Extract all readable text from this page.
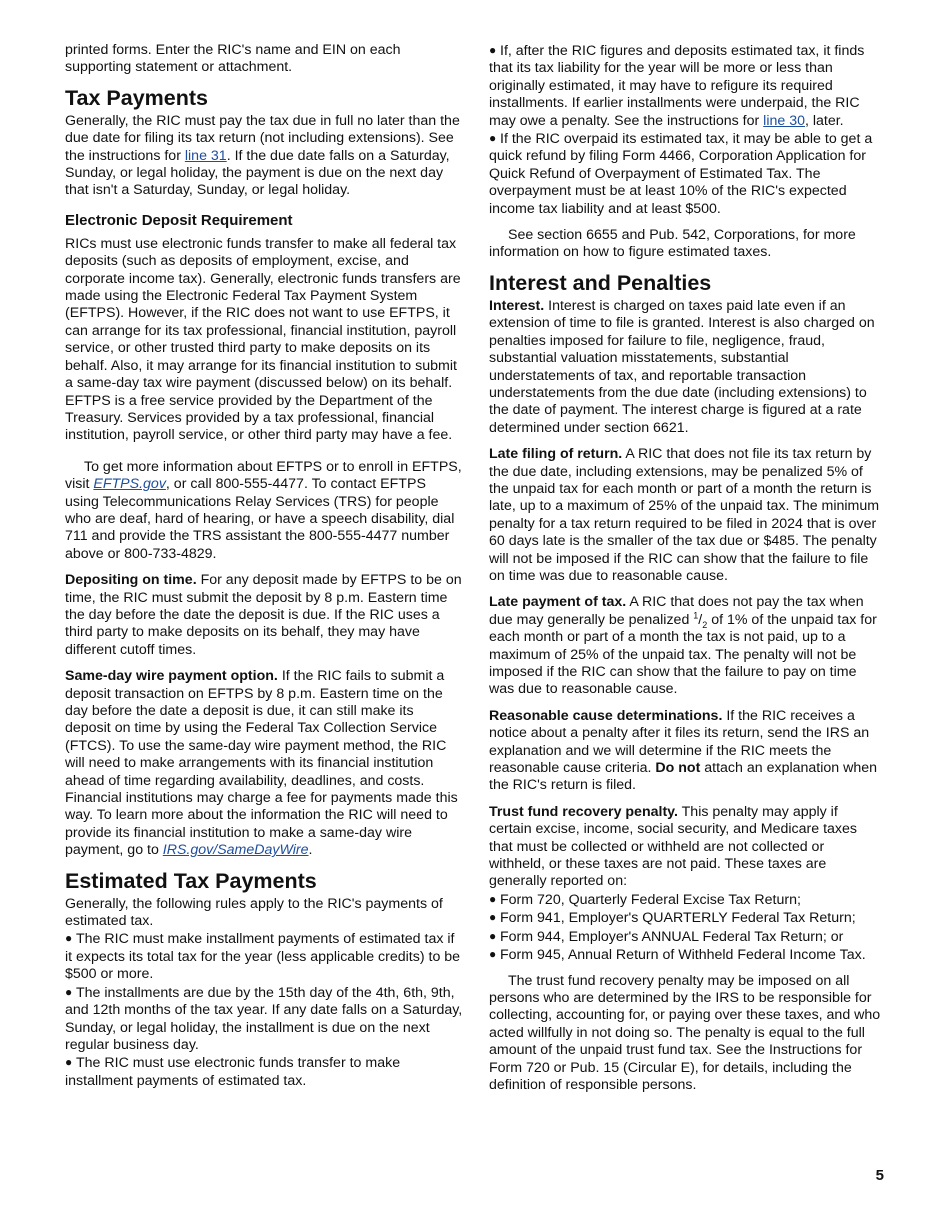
printed forms. Enter the RIC's name and EIN on each supporting statement or attachment.

Tax Payments

Generally, the RIC must pay the tax due in full no later than the due date for filing its tax return (not including extensions). See the instructions for line 31. If the due date falls on a Saturday, Sunday, or legal holiday, the payment is due on the next day that isn't a Saturday, Sunday, or legal holiday.

Electronic Deposit Requirement

RICs must use electronic funds transfer to make all federal tax deposits (such as deposits of employment, excise, and corporate income tax). Generally, electronic funds transfers are made using the Electronic Federal Tax Payment System (EFTPS). However, if the RIC does not want to use EFTPS, it can arrange for its tax professional, financial institution, payroll service, or other trusted third party to make deposits on its behalf. Also, it may arrange for its financial institution to submit a same-day tax wire payment (discussed below) on its behalf. EFTPS is a free service provided by the Department of the Treasury. Services provided by a tax professional, financial institution, payroll service, or other third party may have a fee.

To get more information about EFTPS or to enroll in EFTPS, visit EFTPS.gov, or call 800-555-4477. To contact EFTPS using Telecommunications Relay Services (TRS) for people who are deaf, hard of hearing, or have a speech disability, dial 711 and provide the TRS assistant the 800-555-4477 number above or 800-733-4829.

Depositing on time. For any deposit made by EFTPS to be on time, the RIC must submit the deposit by 8 p.m. Eastern time the day before the date the deposit is due. If the RIC uses a third party to make deposits on its behalf, they may have different cutoff times.

Same-day wire payment option. If the RIC fails to submit a deposit transaction on EFTPS by 8 p.m. Eastern time on the day before the date a deposit is due, it can still make its deposit on time by using the Federal Tax Collection Service (FTCS). To use the same-day wire payment method, the RIC will need to make arrangements with its financial institution ahead of time regarding availability, deadlines, and costs. Financial institutions may charge a fee for payments made this way. To learn more about the information the RIC will need to provide its financial institution to make a same-day wire payment, go to IRS.gov/SameDayWire.

Estimated Tax Payments

Generally, the following rules apply to the RIC's payments of estimated tax.

● The RIC must make installment payments of estimated tax if it expects its total tax for the year (less applicable credits) to be $500 or more.

● The installments are due by the 15th day of the 4th, 6th, 9th, and 12th months of the tax year. If any date falls on a Saturday, Sunday, or legal holiday, the installment is due on the next regular business day.

● The RIC must use electronic funds transfer to make installment payments of estimated tax.

● If, after the RIC figures and deposits estimated tax, it finds that its tax liability for the year will be more or less than originally estimated, it may have to refigure its required installments. If earlier installments were underpaid, the RIC may owe a penalty. See the instructions for line 30, later.

● If the RIC overpaid its estimated tax, it may be able to get a quick refund by filing Form 4466, Corporation Application for Quick Refund of Overpayment of Estimated Tax. The overpayment must be at least 10% of the RIC's expected income tax liability and at least $500.

See section 6655 and Pub. 542, Corporations, for more information on how to figure estimated taxes.

Interest and Penalties

Interest. Interest is charged on taxes paid late even if an extension of time to file is granted. Interest is also charged on penalties imposed for failure to file, negligence, fraud, substantial valuation misstatements, substantial understatements of tax, and reportable transaction understatements from the due date (including extensions) to the date of payment. The interest charge is figured at a rate determined under section 6621.

Late filing of return. A RIC that does not file its tax return by the due date, including extensions, may be penalized 5% of the unpaid tax for each month or part of a month the return is late, up to a maximum of 25% of the unpaid tax. The minimum penalty for a tax return required to be filed in 2024 that is over 60 days late is the smaller of the tax due or $485. The penalty will not be imposed if the RIC can show that the failure to file on time was due to reasonable cause.

Late payment of tax. A RIC that does not pay the tax when due may generally be penalized $^1/_2$ of 1% of the unpaid tax for each month or part of a month the tax is not paid, up to a maximum of 25% of the unpaid tax. The penalty will not be imposed if the RIC can show that the failure to pay on time was due to reasonable cause.

Reasonable cause determinations. If the RIC receives a notice about a penalty after it files its return, send the IRS an explanation and we will determine if the RIC meets the reasonable cause criteria. Do not attach an explanation when the RIC's return is filed.

Trust fund recovery penalty. This penalty may apply if certain excise, income, social security, and Medicare taxes that must be collected or withheld are not collected or withheld, or these taxes are not paid. These taxes are generally reported on:

● Form 720, Quarterly Federal Excise Tax Return;

● Form 941, Employer's QUARTERLY Federal Tax Return;

● Form 944, Employer's ANNUAL Federal Tax Return; or

● Form 945, Annual Return of Withheld Federal Income Tax.

The trust fund recovery penalty may be imposed on all persons who are determined by the IRS to be responsible for collecting, accounting for, or paying over these taxes, and who acted willfully in not doing so. The penalty is equal to the full amount of the unpaid trust fund tax. See the Instructions for Form 720 or Pub. 15 (Circular E), for details, including the definition of responsible persons.

5
